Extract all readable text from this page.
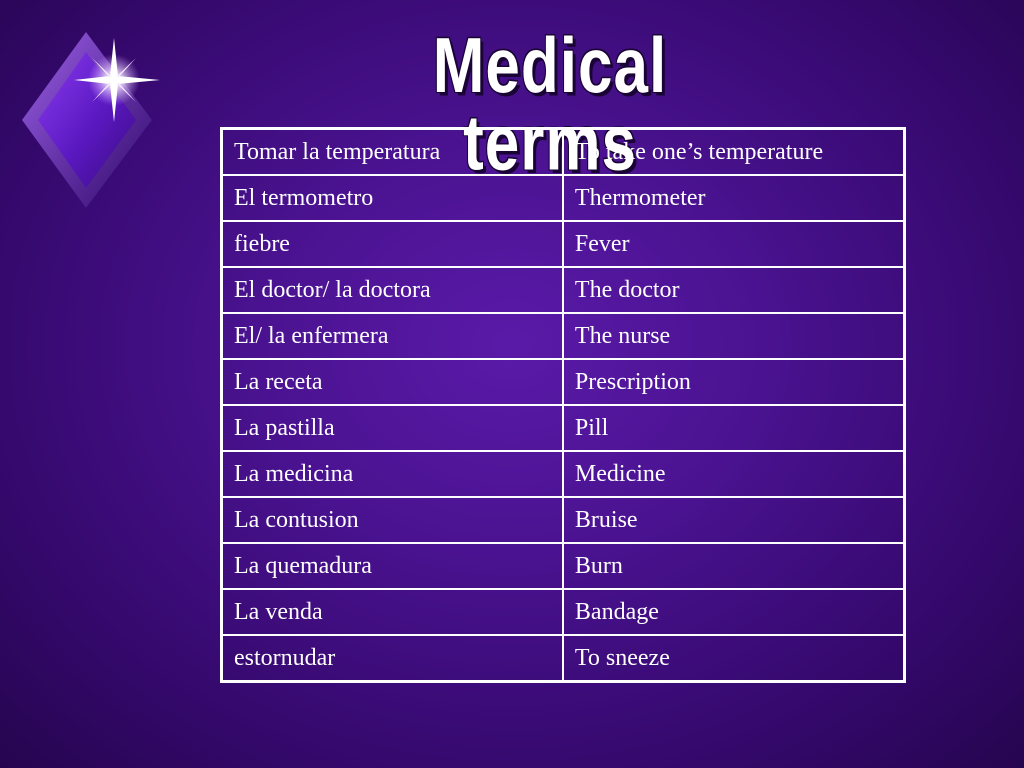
Medical terms
Tomar la temperatura	To take one’s temperature
El termometro	Thermometer
fiebre	Fever
El doctor/ la doctora	The doctor
El/ la enfermera	The nurse
La receta	Prescription
La pastilla	Pill
La medicina	Medicine
La contusion	Bruise
La quemadura	Burn
La venda	Bandage
estornudar	To sneeze
